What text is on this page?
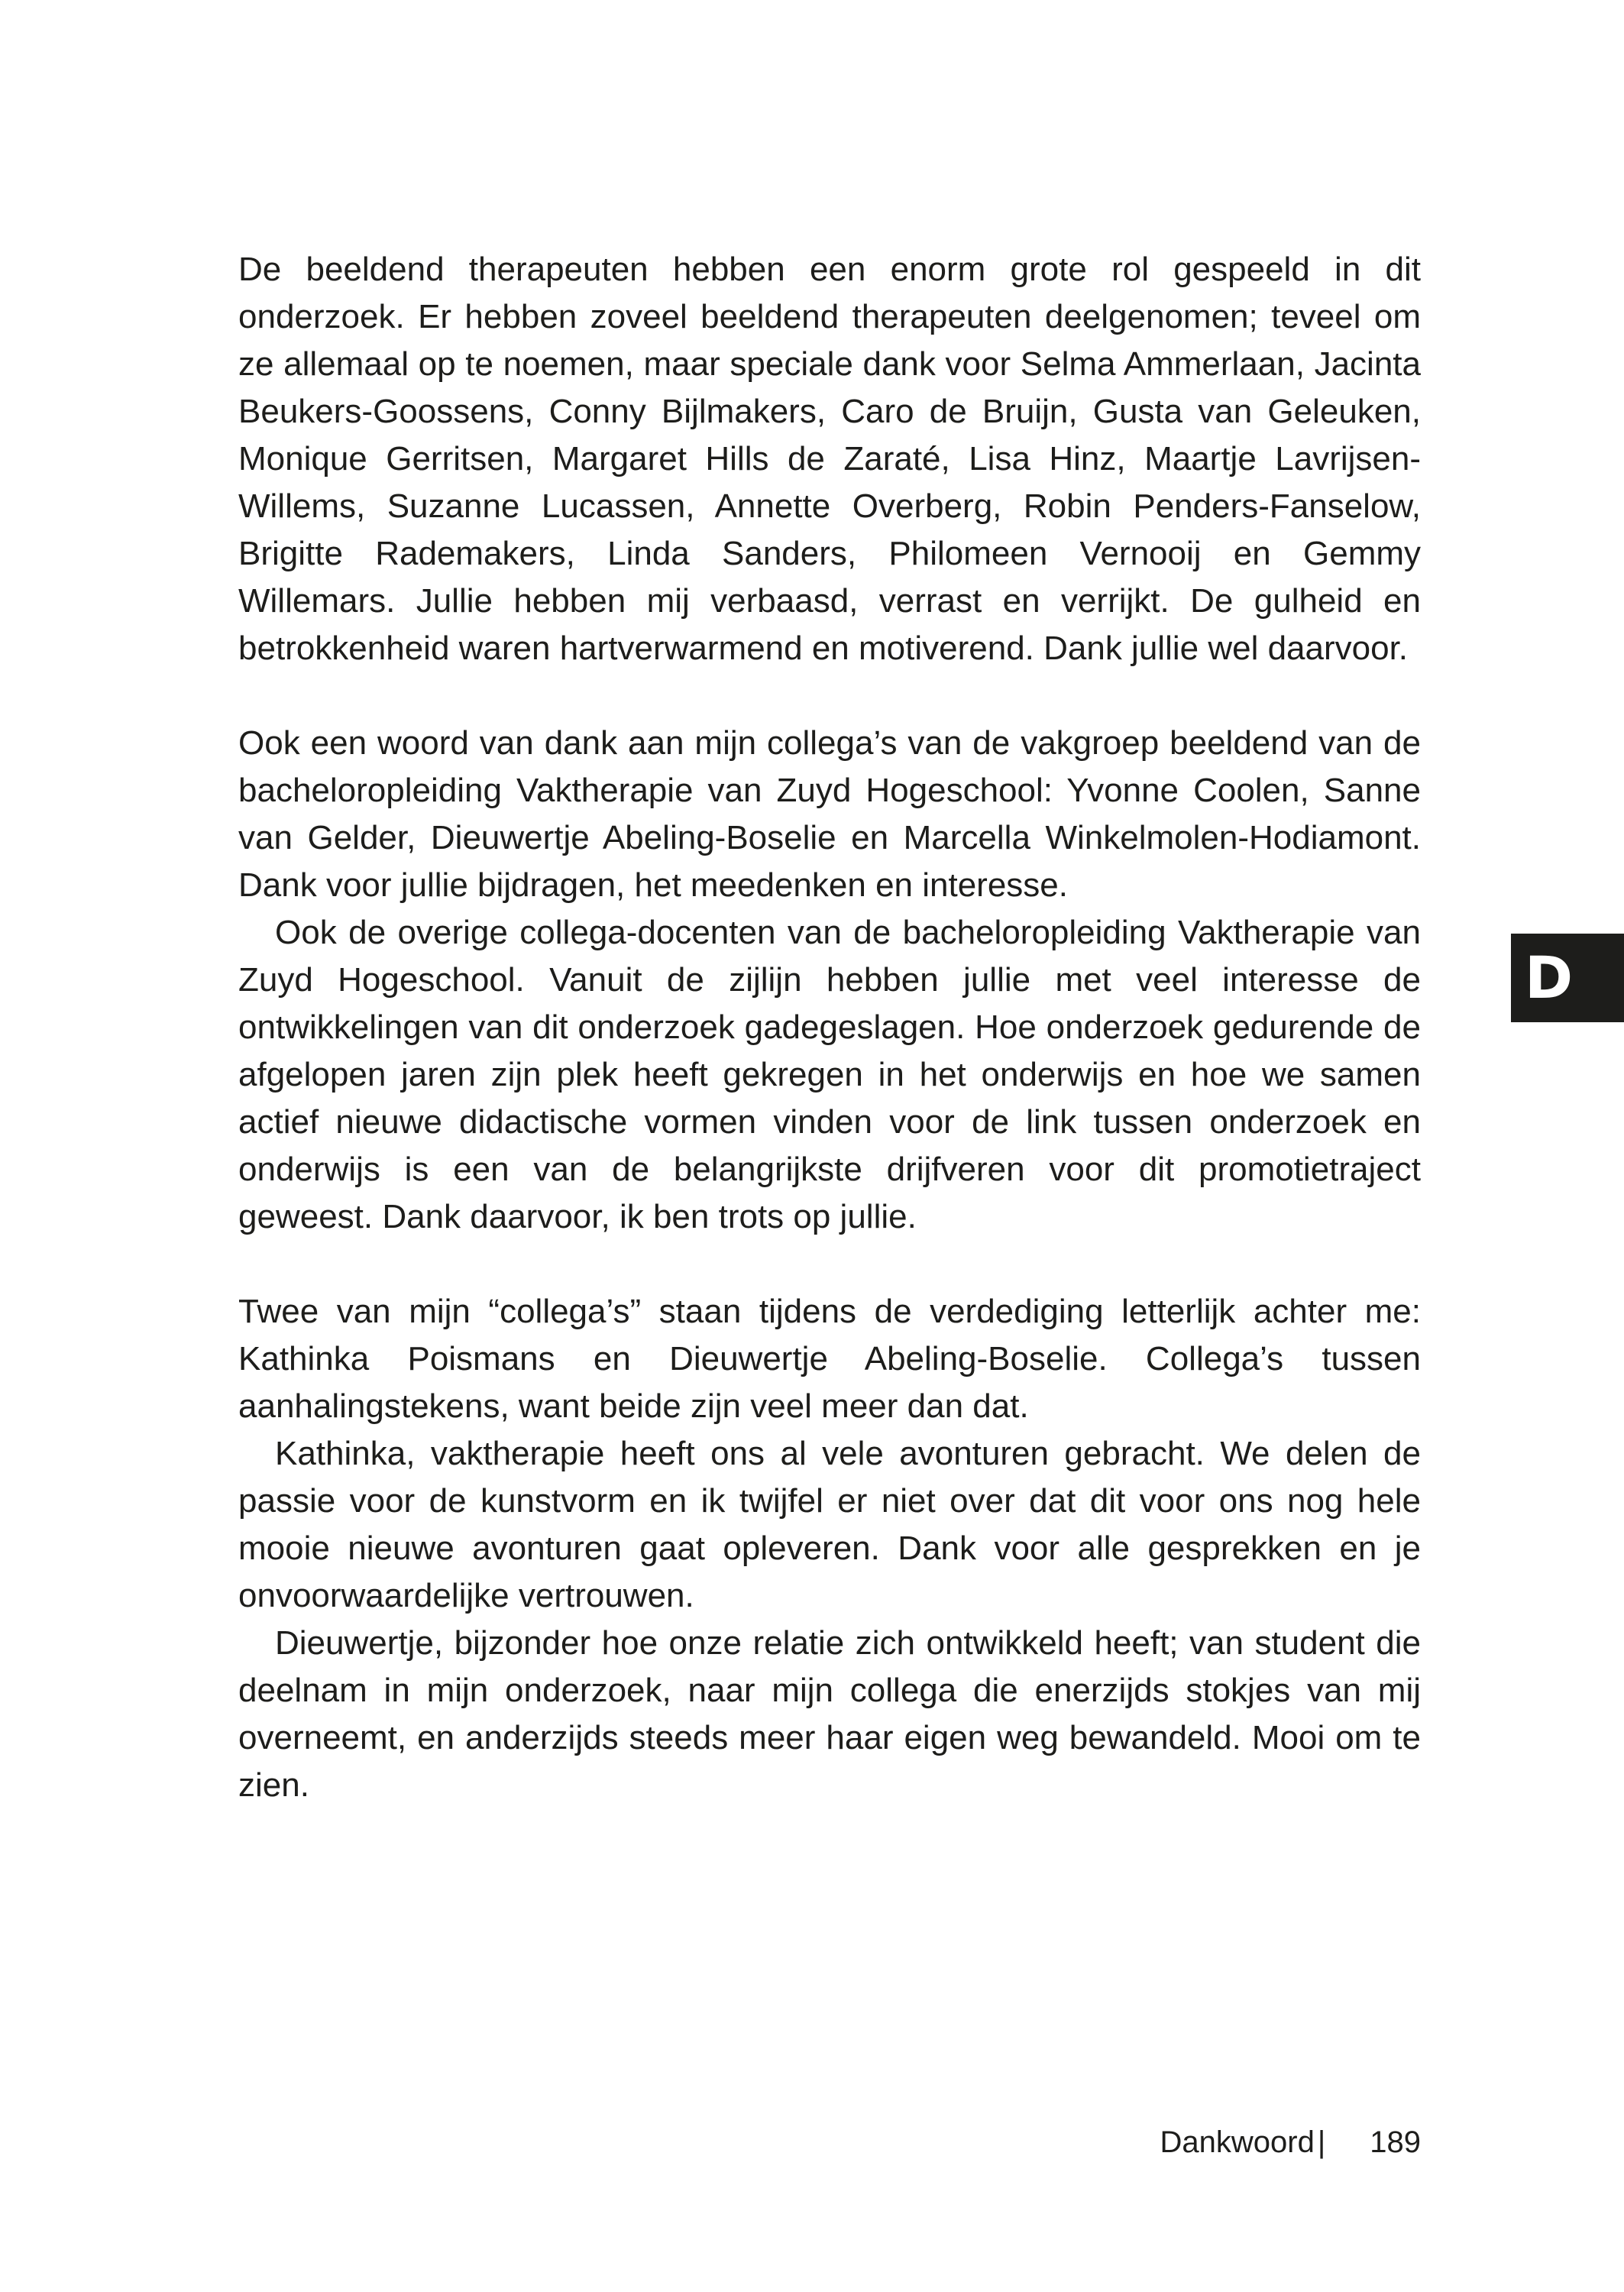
De beeldend therapeuten hebben een enorm grote rol gespeeld in dit onderzoek. Er hebben zoveel beeldend therapeuten deelgenomen; teveel om ze allemaal op te noemen, maar speciale dank voor Selma Ammerlaan, Jacinta Beukers-Goossens, Conny Bijlmakers, Caro de Bruijn, Gusta van Geleuken, Monique Gerritsen, Margaret Hills de Zaraté, Lisa Hinz, Maartje Lavrijsen-Willems, Suzanne Lucassen, Annette Overberg, Robin Penders-Fanselow, Brigitte Rademakers, Linda Sanders, Philomeen Vernooij en Gemmy Willemars. Jullie hebben mij verbaasd, verrast en verrijkt. De gulheid en betrokkenheid waren hartverwarmend en motiverend. Dank jullie wel daarvoor.

Ook een woord van dank aan mijn collega’s van de vakgroep beeldend van de bacheloropleiding Vaktherapie van Zuyd Hogeschool: Yvonne Coolen, Sanne van Gelder, Dieuwertje Abeling-Boselie en Marcella Winkelmolen-Hodiamont. Dank voor jullie bijdragen, het meedenken en interesse.

Ook de overige collega-docenten van de bacheloropleiding Vaktherapie van Zuyd Hogeschool. Vanuit de zijlijn hebben jullie met veel interesse de ontwikkelingen van dit onderzoek gadegeslagen. Hoe onderzoek gedurende de afgelopen jaren zijn plek heeft gekregen in het onderwijs en hoe we samen actief nieuwe didactische vormen vinden voor de link tussen onderzoek en onderwijs is een van de belangrijkste drijfveren voor dit promotietraject geweest. Dank daarvoor, ik ben trots op jullie.

Twee van mijn “collega’s” staan tijdens de verdediging letterlijk achter me: Kathinka Poismans en Dieuwertje Abeling-Boselie. Collega’s tussen aanhalingstekens, want beide zijn veel meer dan dat.

Kathinka, vaktherapie heeft ons al vele avonturen gebracht. We delen de passie voor de kunstvorm en ik twijfel er niet over dat dit voor ons nog hele mooie nieuwe avonturen gaat opleveren. Dank voor alle gesprekken en je onvoorwaardelijke vertrouwen.

Dieuwertje, bijzonder hoe onze relatie zich ontwikkeld heeft; van student die deelnam in mijn onderzoek, naar mijn collega die enerzijds stokjes van mij overneemt, en anderzijds steeds meer haar eigen weg bewandeld. Mooi om te zien.

D
Dankwoord | 189
